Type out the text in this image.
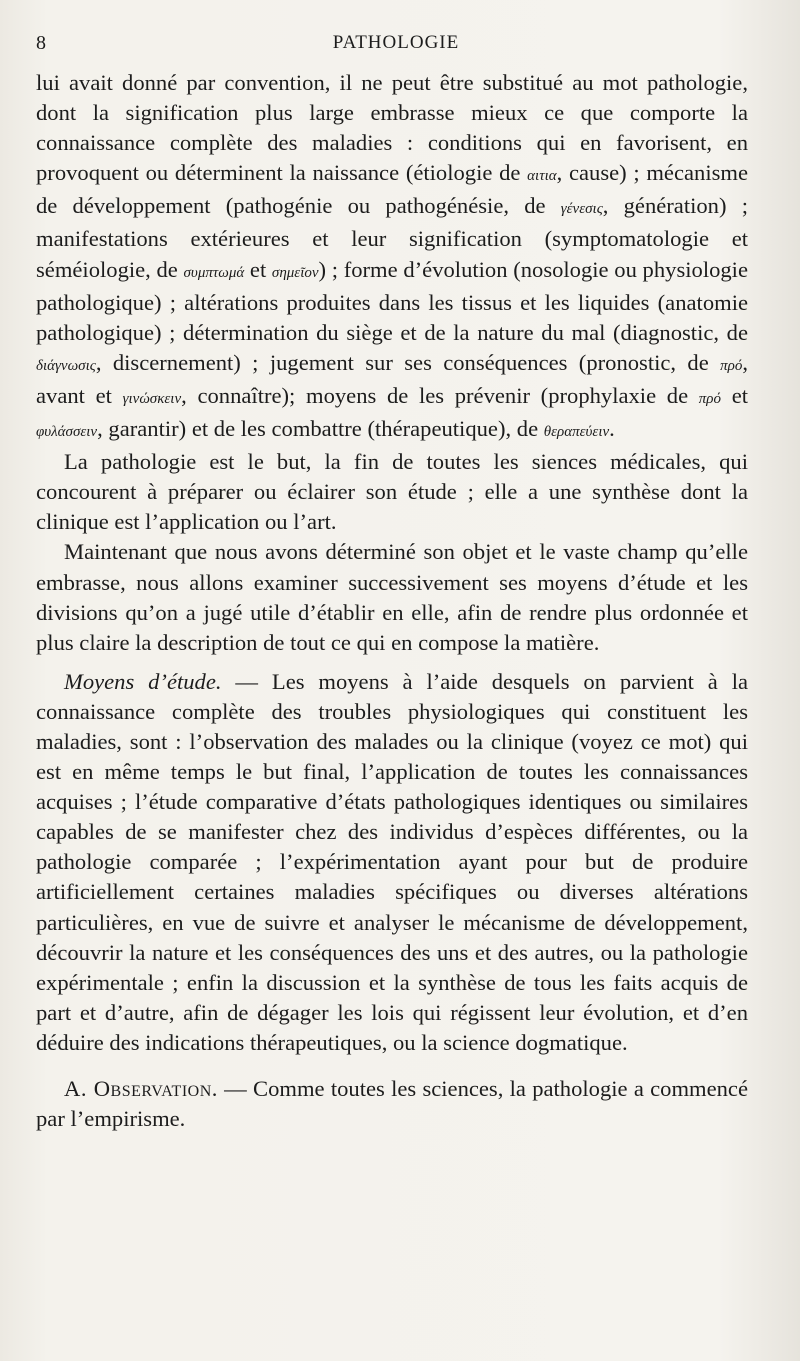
8	PATHOLOGIE

lui avait donné par convention, il ne peut être substitué au mot pathologie, dont la signification plus large embrasse mieux ce que comporte la connaissance complète des maladies : conditions qui en favorisent, en provoquent ou déterminent la naissance (étiologie de αιτια, cause) ; mécanisme de développement (pathogénie ou pathogénésie, de γένεσις, génération) ; manifestations extérieures et leur signification (symptomatologie et séméiologie, de συμπτωμά et σημεῖον) ; forme d’évolution (nosologie ou physiologie pathologique) ; altérations produites dans les tissus et les liquides (anatomie pathologique) ; détermination du siège et de la nature du mal (diagnostic, de διάγνωσις, discernement) ; jugement sur ses conséquences (pronostic, de πρό, avant et γινώσκειν, connaître); moyens de les prévenir (prophylaxie de πρό et φυλάσσειν, garantir) et de les combattre (thérapeutique), de θεραπεύειν.

La pathologie est le but, la fin de toutes les siences médicales, qui concourent à préparer ou éclairer son étude ; elle a une synthèse dont la clinique est l’application ou l’art.

Maintenant que nous avons déterminé son objet et le vaste champ qu’elle embrasse, nous allons examiner successivement ses moyens d’étude et les divisions qu’on a jugé utile d’établir en elle, afin de rendre plus ordonnée et plus claire la description de tout ce qui en compose la matière.

Moyens d’étude. — Les moyens à l’aide desquels on parvient à la connaissance complète des troubles physiologiques qui constituent les maladies, sont : l’observation des malades ou la clinique (voyez ce mot) qui est en même temps le but final, l’application de toutes les connaissances acquises ; l’étude comparative d’états pathologiques identiques ou similaires capables de se manifester chez des individus d’espèces différentes, ou la pathologie comparée ; l’expérimentation ayant pour but de produire artificiellement certaines maladies spécifiques ou diverses altérations particulières, en vue de suivre et analyser le mécanisme de développement, découvrir la nature et les conséquences des uns et des autres, ou la pathologie expérimentale ; enfin la discussion et la synthèse de tous les faits acquis de part et d’autre, afin de dégager les lois qui régissent leur évolution, et d’en déduire des indications thérapeutiques, ou la science dogmatique.

A. Observation. — Comme toutes les sciences, la pathologie a commencé par l’empirisme.
